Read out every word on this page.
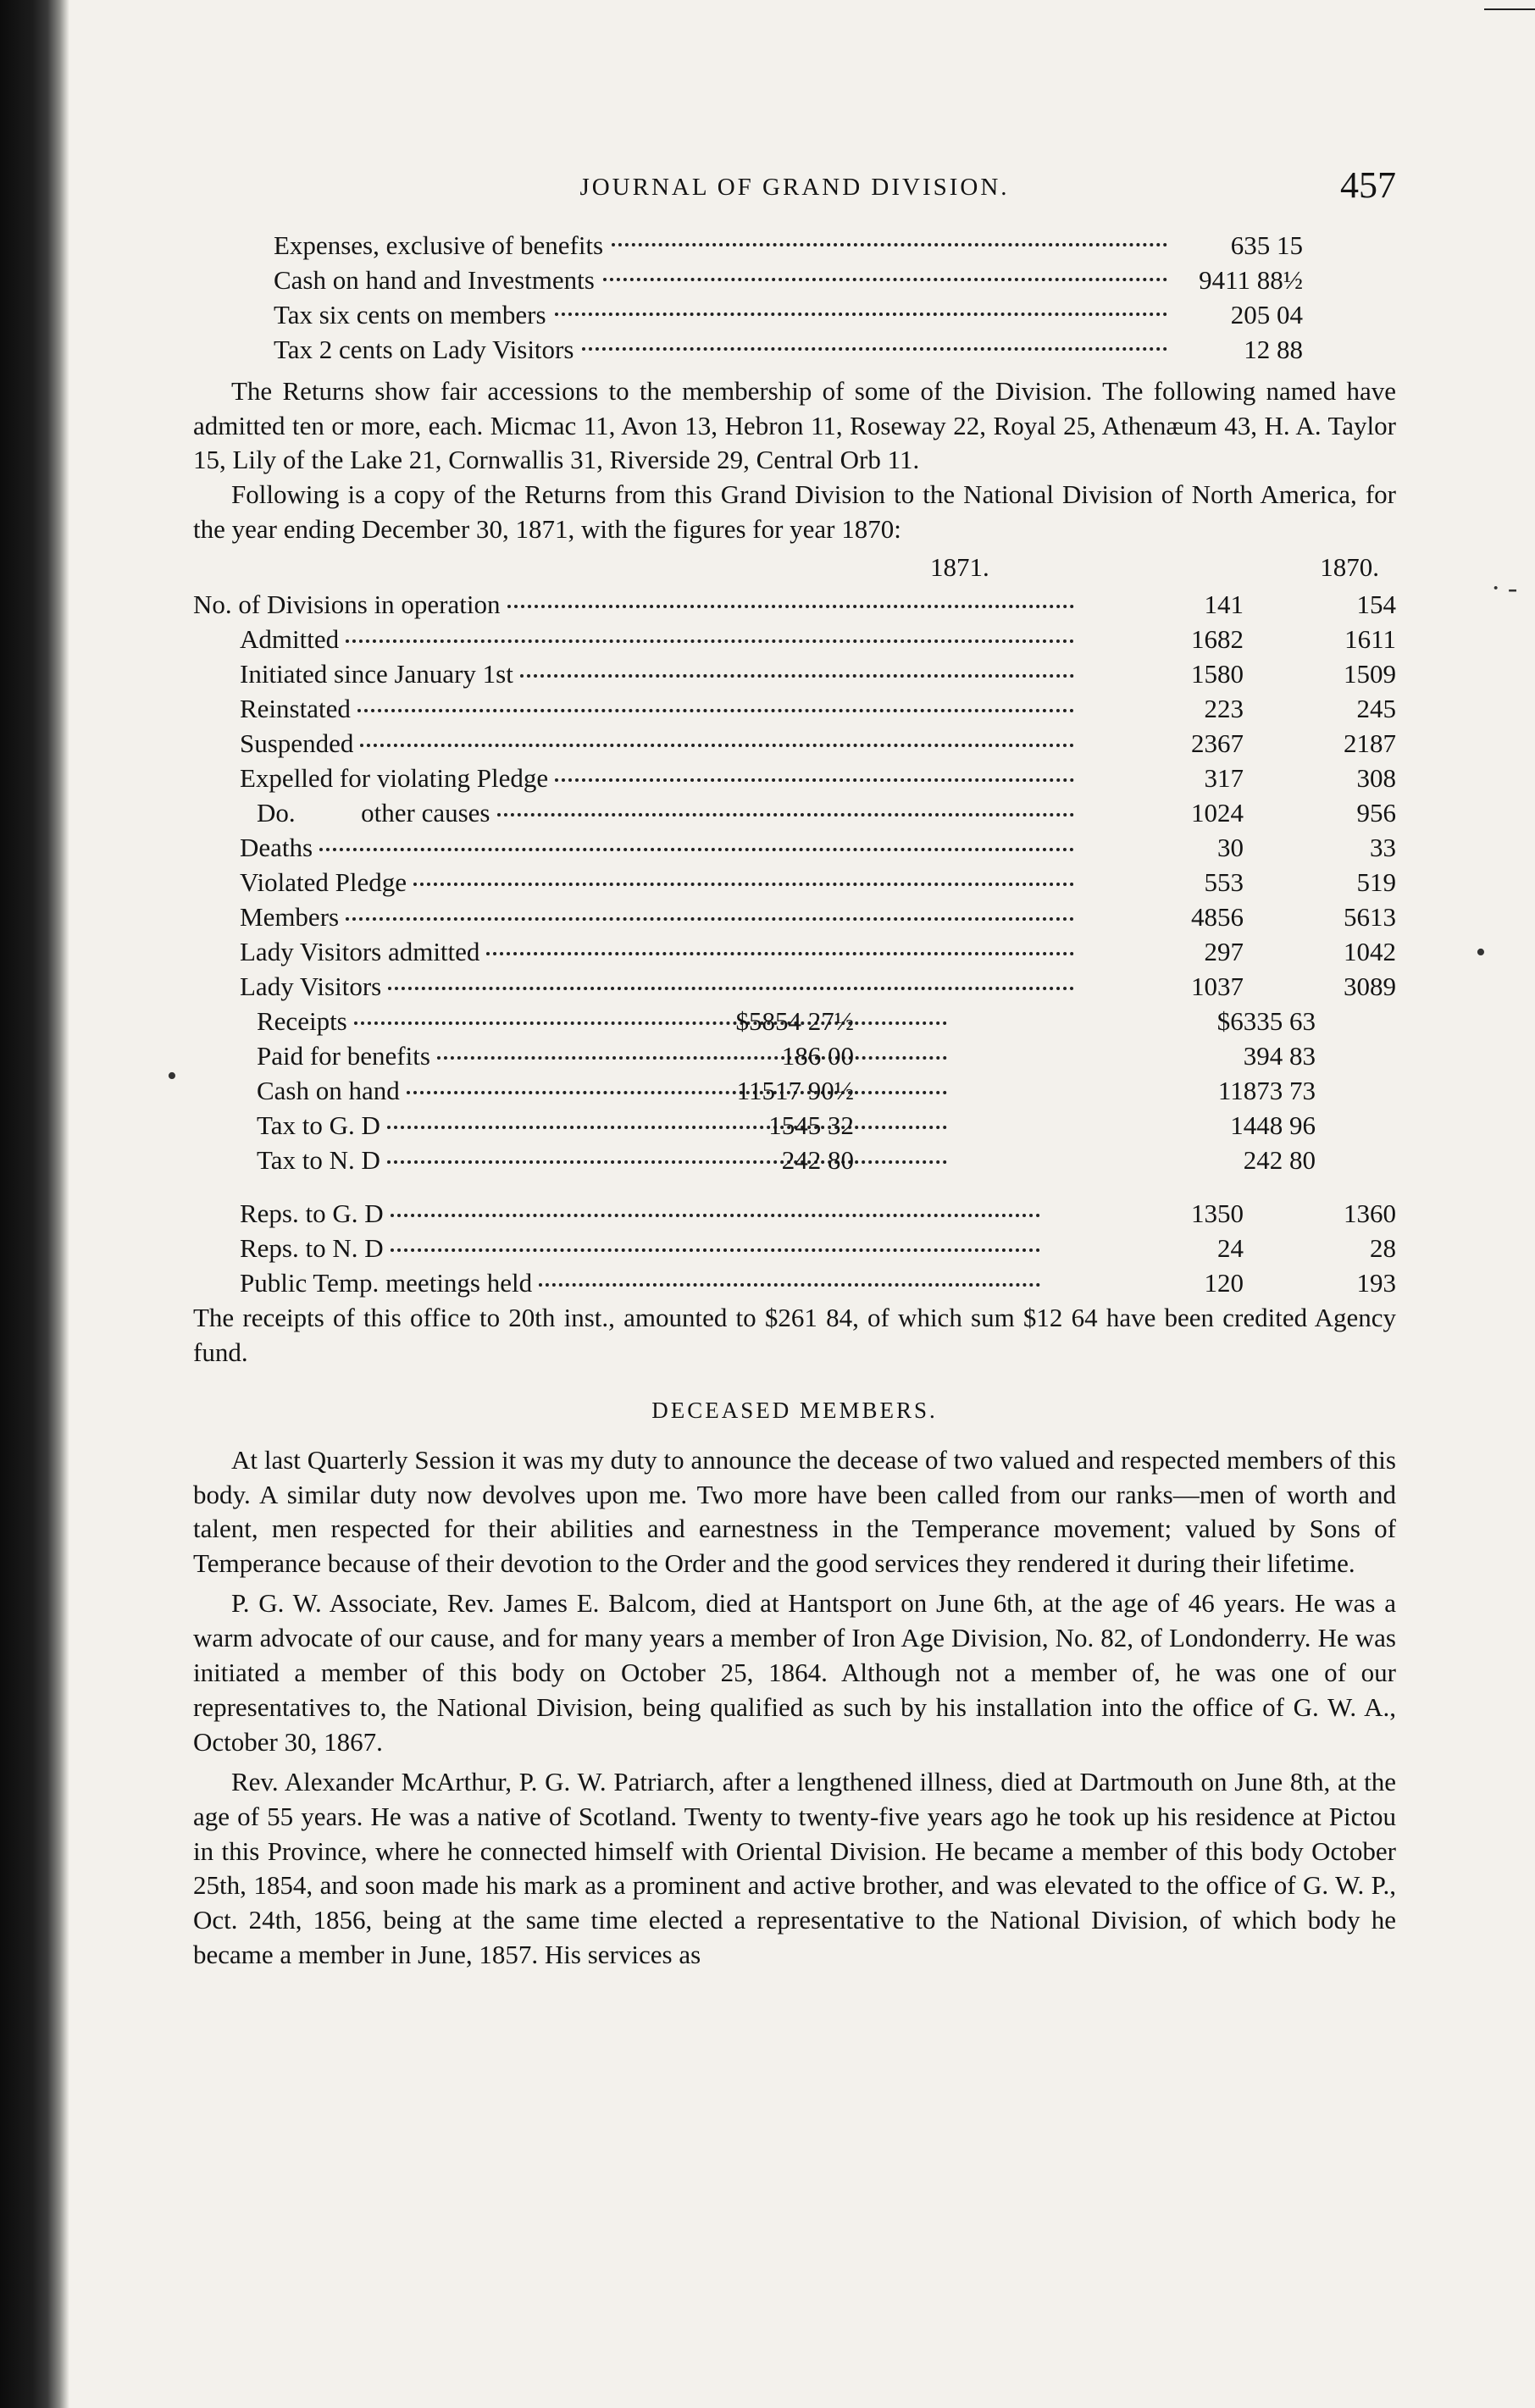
· -
•
•
JOURNAL OF GRAND DIVISION.	457
Expenses, exclusive of benefits	635 15
Cash on hand and Investments	9411 88½
Tax six cents on members	205 04
Tax 2 cents on Lady Visitors	12 88

The Returns show fair accessions to the membership of some of the Division. The following named have admitted ten or more, each. Micmac 11, Avon 13, Hebron 11, Roseway 22, Royal 25, Athenæum 43, H. A. Taylor 15, Lily of the Lake 21, Cornwallis 31, Riverside 29, Central Orb 11.

Following is a copy of the Returns from this Grand Division to the National Division of North America, for the year ending December 30, 1871, with the figures for year 1870:

1871.	1870.
No. of Divisions in operation	141	154
Admitted	1682	1611
Initiated since January 1st	1580	1509
Reinstated	223	245
Suspended	2367	2187
Expelled for violating Pledge	317	308
Do.          other causes	1024	956
Deaths	30	33
Violated Pledge	553	519
Members	4856	5613
Lady Visitors admitted	297	1042
Lady Visitors	1037	3089
Receipts	$5854 27½	$6335 63
Paid for benefits	186 00	394 83
Cash on hand	11517 90½	11873 73
Tax to G. D	1545 32	1448 96
Tax to N. D	242 80	242 80
Reps. to G. D	1350	1360
Reps. to N. D	24	28
Public Temp. meetings held	120	193

The receipts of this office to 20th inst., amounted to $261 84, of which sum $12 64 have been credited Agency fund.

DECEASED MEMBERS.

At last Quarterly Session it was my duty to announce the decease of two valued and respected members of this body. A similar duty now devolves upon me. Two more have been called from our ranks—men of worth and talent, men respected for their abilities and earnestness in the Temperance movement; valued by Sons of Temperance because of their devotion to the Order and the good services they rendered it during their lifetime.

P. G. W. Associate, Rev. James E. Balcom, died at Hantsport on June 6th, at the age of 46 years. He was a warm advocate of our cause, and for many years a member of Iron Age Division, No. 82, of Londonderry. He was initiated a member of this body on October 25, 1864. Although not a member of, he was one of our representatives to, the National Division, being qualified as such by his installation into the office of G. W. A., October 30, 1867.

Rev. Alexander McArthur, P. G. W. Patriarch, after a lengthened illness, died at Dartmouth on June 8th, at the age of 55 years. He was a native of Scotland. Twenty to twenty-five years ago he took up his residence at Pictou in this Province, where he connected himself with Oriental Division. He became a member of this body October 25th, 1854, and soon made his mark as a prominent and active brother, and was elevated to the office of G. W. P., Oct. 24th, 1856, being at the same time elected a representative to the National Division, of which body he became a member in June, 1857. His services as
